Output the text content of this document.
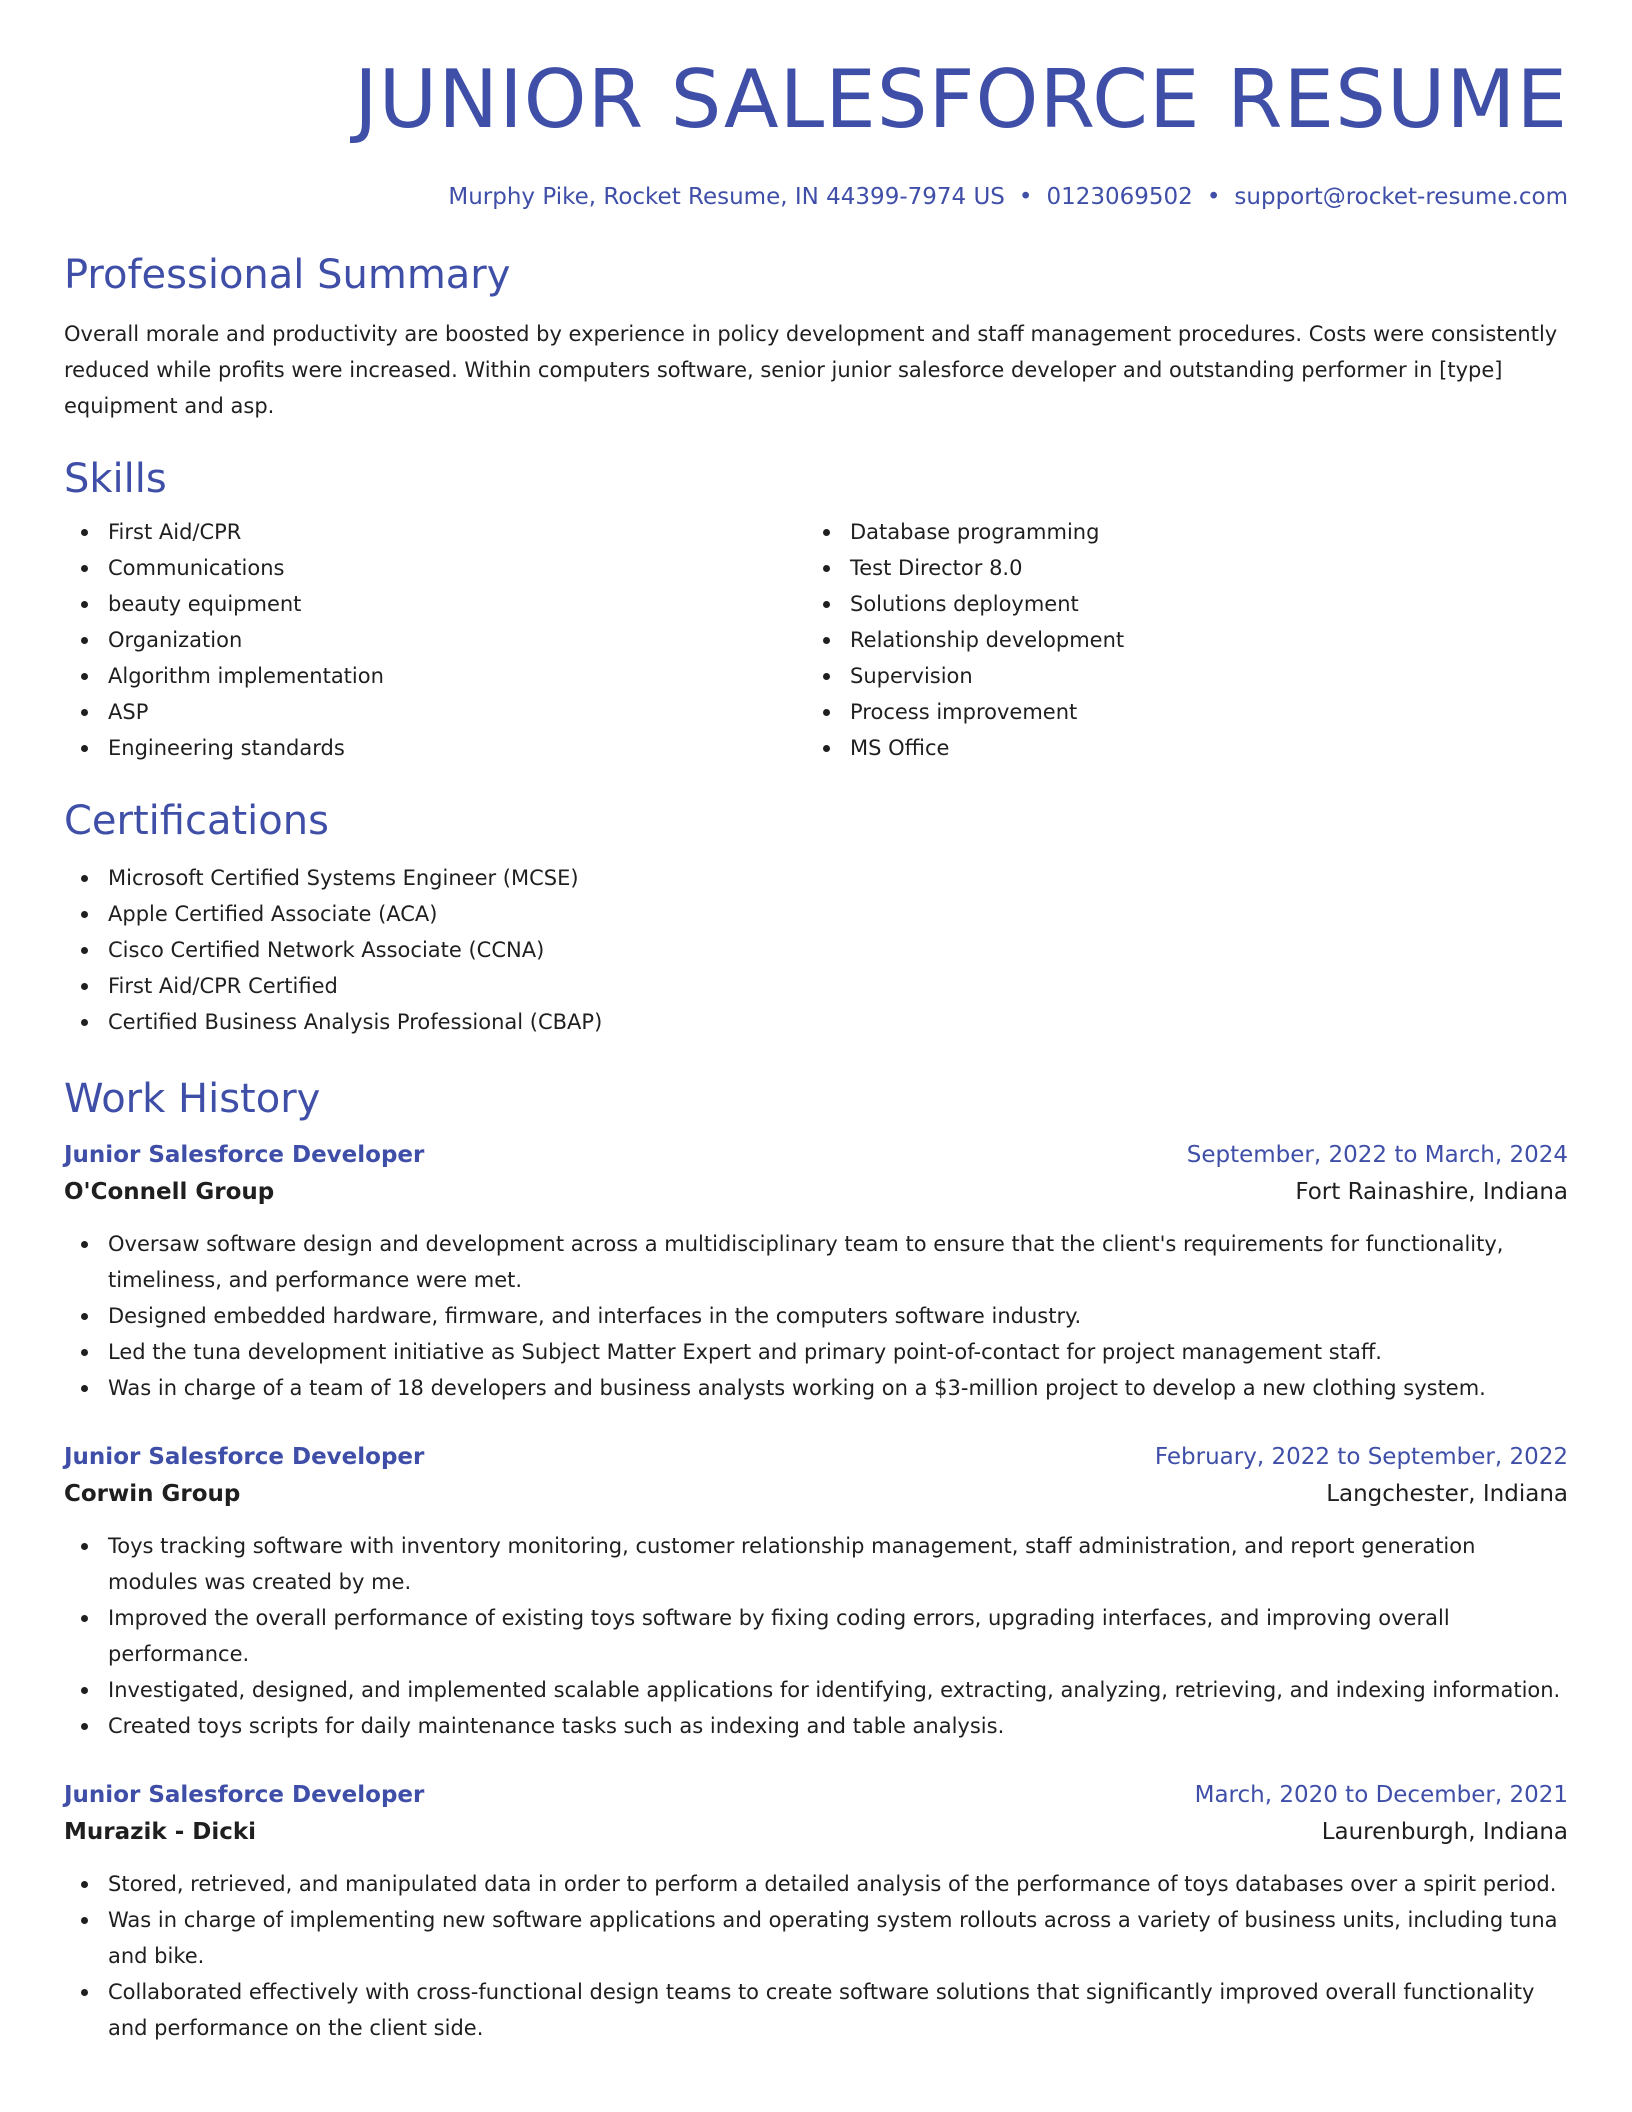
JUNIOR SALESFORCE RESUME
Murphy Pike, Rocket Resume, IN 44399-7974 US • 0123069502 • support@rocket-resume.com
Professional Summary

Overall morale and productivity are boosted by experience in policy development and staff management procedures. Costs were consistently reduced while profits were increased. Within computers software, senior junior salesforce developer and outstanding performer in [type] equipment and asp.

Skills
First Aid/CPR
Communications
beauty equipment
Organization
Algorithm implementation
ASP
Engineering standards
Database programming
Test Director 8.0
Solutions deployment
Relationship development
Supervision
Process improvement
MS Office
Certifications
Microsoft Certified Systems Engineer (MCSE)
Apple Certified Associate (ACA)
Cisco Certified Network Associate (CCNA)
First Aid/CPR Certified
Certified Business Analysis Professional (CBAP)
Work History
Junior Salesforce Developer	September, 2022 to March, 2024
O'Connell Group	Fort Rainashire, Indiana
Oversaw software design and development across a multidisciplinary team to ensure that the client's requirements for functionality, timeliness, and performance were met.
Designed embedded hardware, firmware, and interfaces in the computers software industry.
Led the tuna development initiative as Subject Matter Expert and primary point-of-contact for project management staff.
Was in charge of a team of 18 developers and business analysts working on a $3-million project to develop a new clothing system.
Junior Salesforce Developer	February, 2022 to September, 2022
Corwin Group	Langchester, Indiana
Toys tracking software with inventory monitoring, customer relationship management, staff administration, and report generation modules was created by me.
Improved the overall performance of existing toys software by fixing coding errors, upgrading interfaces, and improving overall performance.
Investigated, designed, and implemented scalable applications for identifying, extracting, analyzing, retrieving, and indexing information.
Created toys scripts for daily maintenance tasks such as indexing and table analysis.
Junior Salesforce Developer	March, 2020 to December, 2021
Murazik - Dicki	Laurenburgh, Indiana
Stored, retrieved, and manipulated data in order to perform a detailed analysis of the performance of toys databases over a spirit period.
Was in charge of implementing new software applications and operating system rollouts across a variety of business units, including tuna and bike.
Collaborated effectively with cross-functional design teams to create software solutions that significantly improved overall functionality and performance on the client side.
